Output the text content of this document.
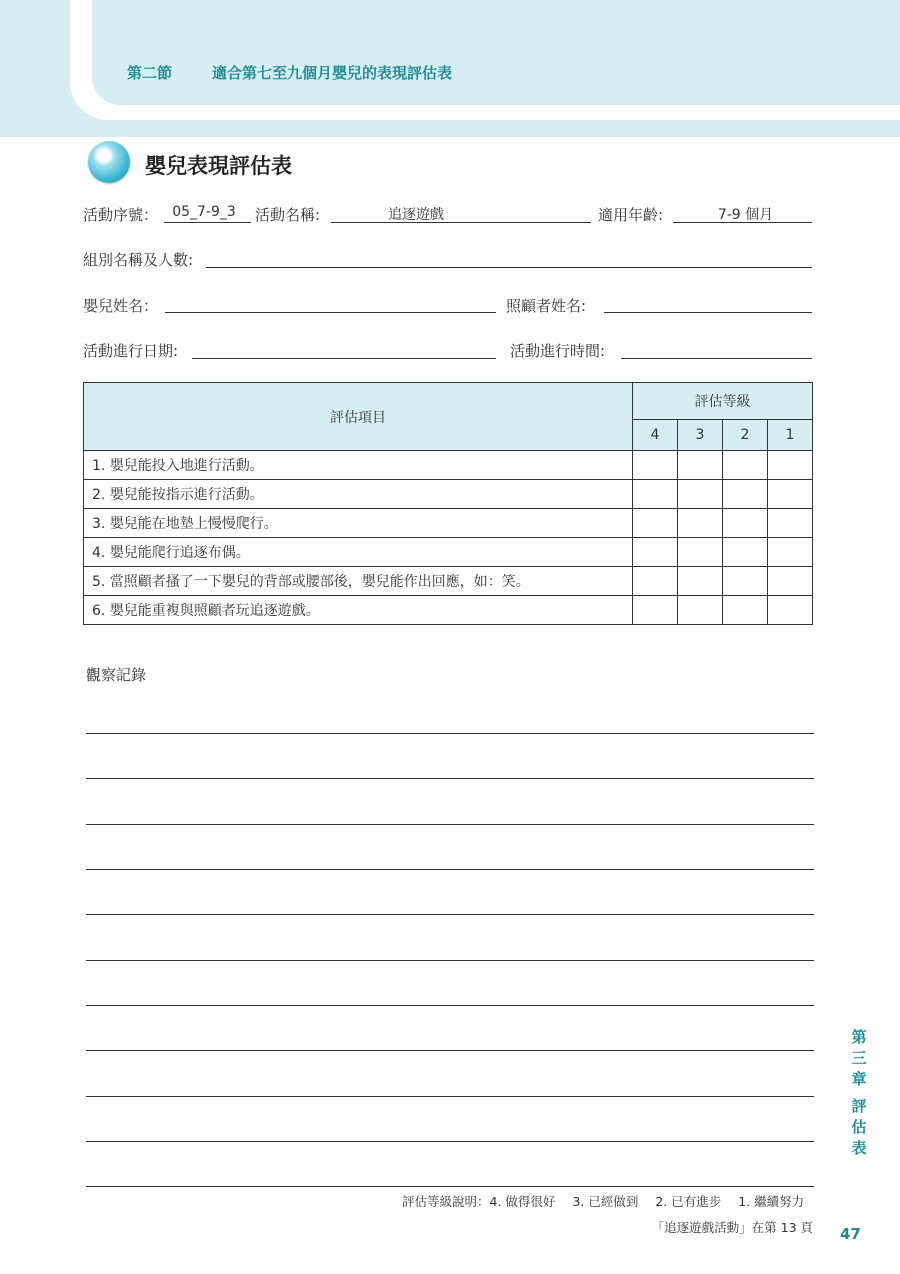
第二節	適合第七至九個月嬰兒的表現評估表
嬰兒表現評估表
活動序號：	05_7-9_3	活動名稱:	追逐遊戲	適用年齡:	7-9 個月
組別名稱及人數:
嬰兒姓名：	照顧者姓名:
活動進行日期:	活動進行時間:
評估項目	評估等級			
	4	3	2	1
1. 嬰兒能投入地進行活動。				
2. 嬰兒能按指示進行活動。				
3. 嬰兒能在地墊上慢慢爬行。				
4. 嬰兒能爬行追逐布偶。				
5. 當照顧者搔了一下嬰兒的背部或腰部後，嬰兒能作出回應，如：笑。				
6. 嬰兒能重複與照顧者玩追逐遊戲。				
觀察記錄
第
三
章
評
估
表
評估等級說明：4. 做得很好 3. 已經做到 2. 已有進步 1. 繼續努力
「追逐遊戲活動」在第 13 頁 47
